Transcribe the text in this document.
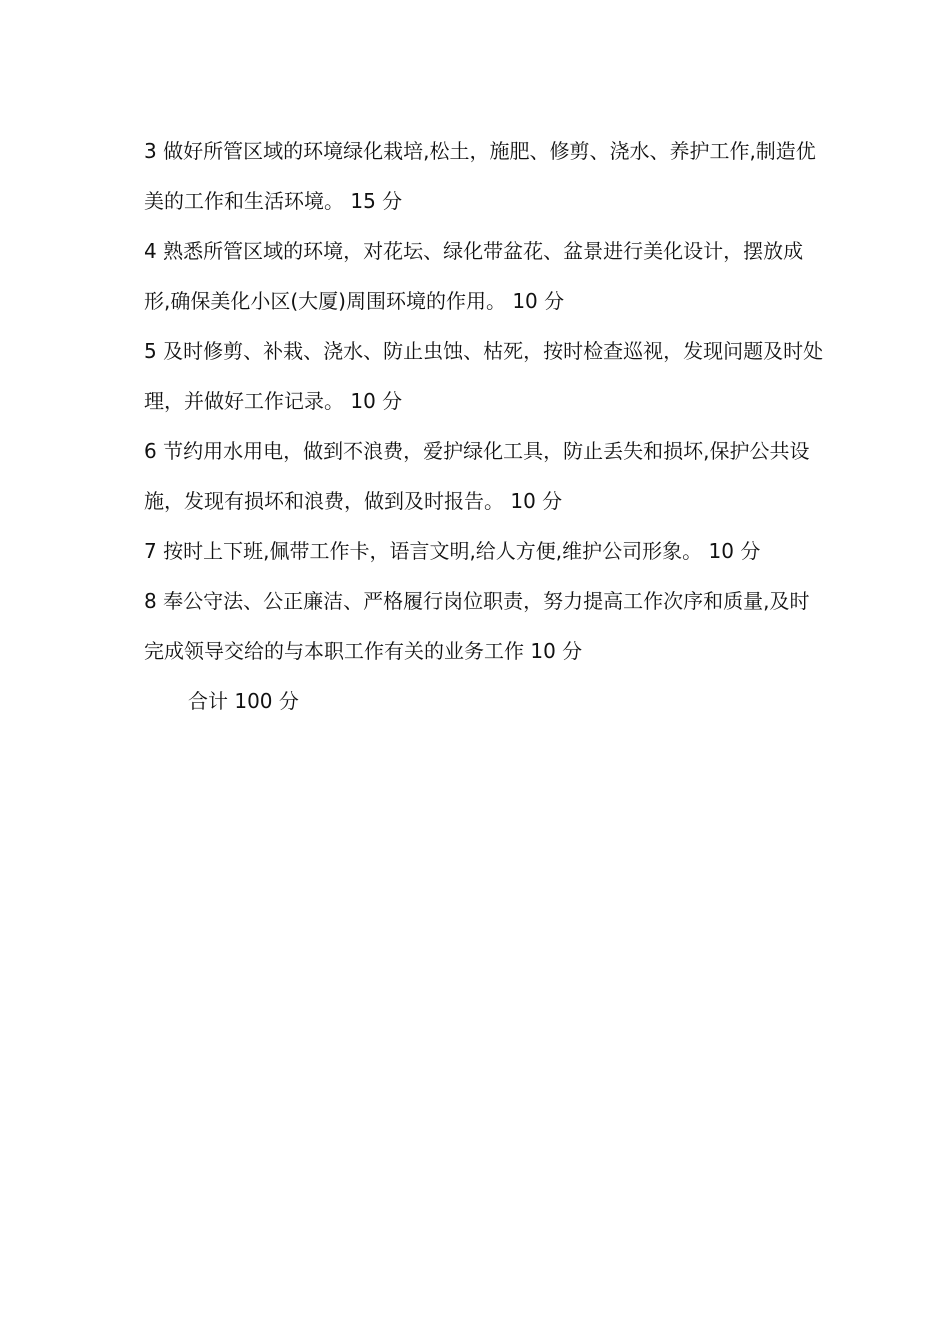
3 做好所管区域的环境绿化栽培,松土，施肥、修剪、浇水、养护工作,制造优美的工作和生活环境。 15 分

4 熟悉所管区域的环境，对花坛、绿化带盆花、盆景进行美化设计，摆放成形,确保美化小区(大厦)周围环境的作用。 10 分

5 及时修剪、补栽、浇水、防止虫蚀、枯死，按时检查巡视，发现问题及时处理，并做好工作记录。 10 分

6 节约用水用电，做到不浪费，爱护绿化工具，防止丢失和损坏,保护公共设施，发现有损坏和浪费，做到及时报告。 10 分

7 按时上下班,佩带工作卡，语言文明,给人方便,维护公司形象。 10 分

8 奉公守法、公正廉洁、严格履行岗位职责，努力提高工作次序和质量,及时完成领导交给的与本职工作有关的业务工作 10 分

合计 100 分
